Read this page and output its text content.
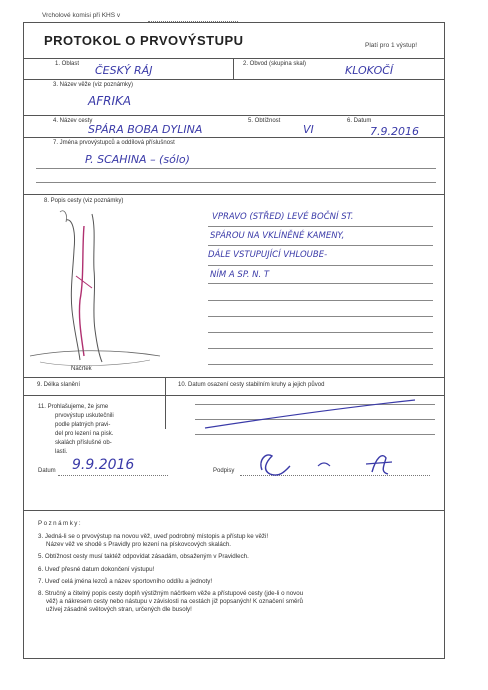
Vrcholové komisi při KHS v
PROTOKOL O PRVOVÝSTUPU	Platí pro 1 výstup!
1. Oblast ČESKÝ RÁJ	2. Obvod (skupina skal)	KLOKOČÍ
3. Název věže (viz poznámky)
AFRIKA
4. Název cesty
SPÁRA BOBA DYLINA
5. Obtížnost
VI
6. Datum
7.9.2016
7. Jména prvovýstupců a oddílová příslušnost
P. SCAHINA – (sólo)
8. Popis cesty (viz poznámky)
VPRAVO (STŘED) LEVÉ BOČNÍ ST.
SPÁROU NA VKLÍNĚNÉ KAMENY,
DÁLE VSTUPUJÍCÍ VHLOUBE-
NÍM A SP. N. T
Náčrtek
9. Délka slanění	10. Datum osazení cesty stabilním kruhy a jejich původ
11. Prohlašujeme, že jsme
prvovýstup uskutečnili
podle platných pravi-
del pro lezení na pisk.
skalách příslušné ob-
lasti.
Datum 9.9.2016	Podpisy
Poznámky:
3. Jedná-li se o prvovýstup na novou věž, uveď podrobný místopis a přístup ke věži!
Název věž ve shodě s Pravidly pro lezení na pískovcových skalách.
5. Obtížnost cesty musí taktéž odpovídat zásadám, obsaženým v Pravidlech.
6. Uveď přesné datum dokončení výstupu!
7. Uveď celá jména lezců a název sportovního oddílu a jednoty!
8. Stručný a čitelný popis cesty doplň výstižným náčrtkem věže a přístupové cesty (jde-li o novou
věž) a nákresem cesty nebo nástupu v závislosti na cestách již popsaných! K označení směrů
užívej zásadně světových stran, určených dle busoly!
